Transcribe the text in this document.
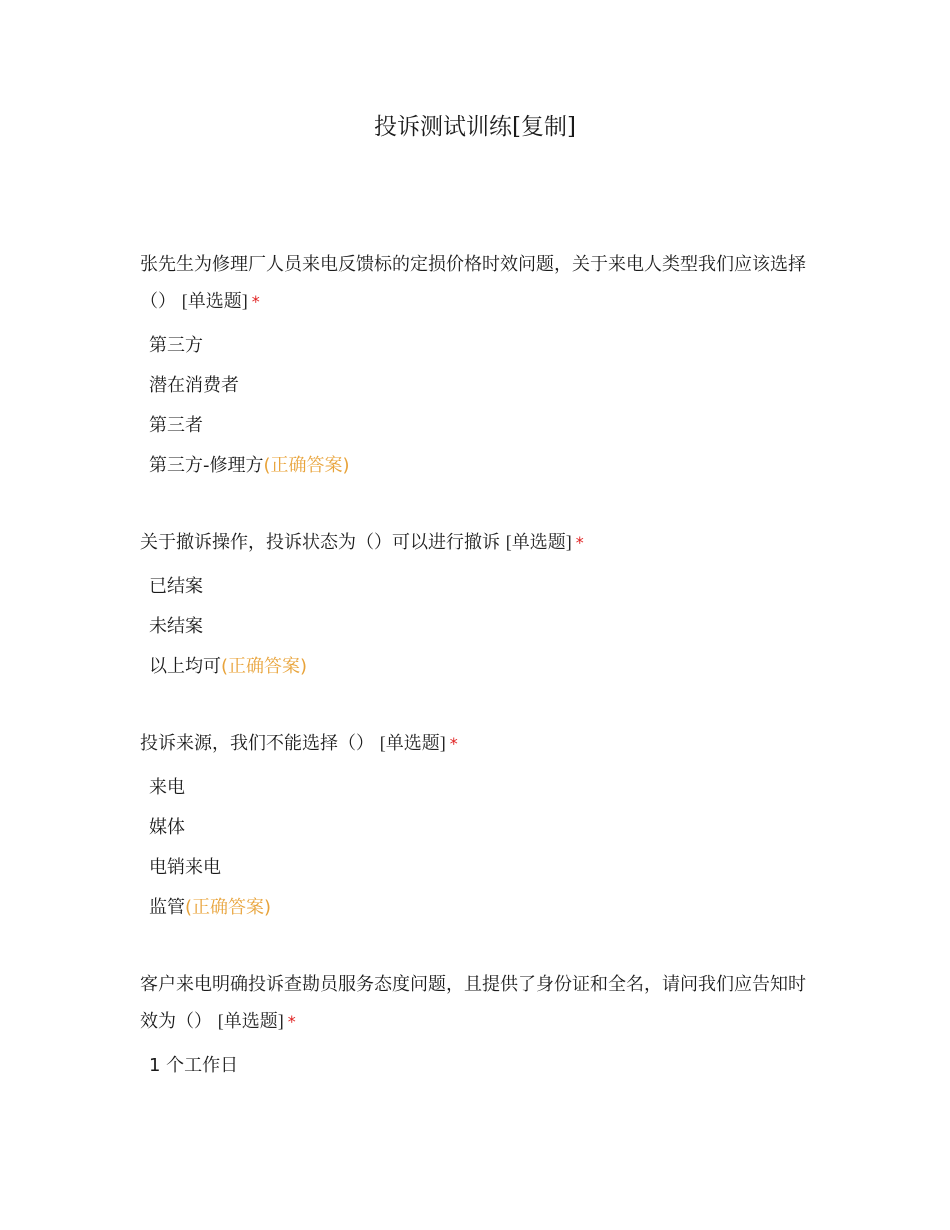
投诉测试训练[复制]

张先生为修理厂人员来电反馈标的定损价格时效问题，关于来电人类型我们应该选择（） [单选题] *

第三方
潜在消费者
第三者
第三方-修理方(正确答案)

关于撤诉操作，投诉状态为（）可以进行撤诉 [单选题] *

已结案
未结案
以上均可(正确答案)

投诉来源，我们不能选择（） [单选题] *

来电
媒体
电销来电
监管(正确答案)

客户来电明确投诉查勘员服务态度问题，且提供了身份证和全名，请问我们应告知时效为（） [单选题] *

1 个工作日
